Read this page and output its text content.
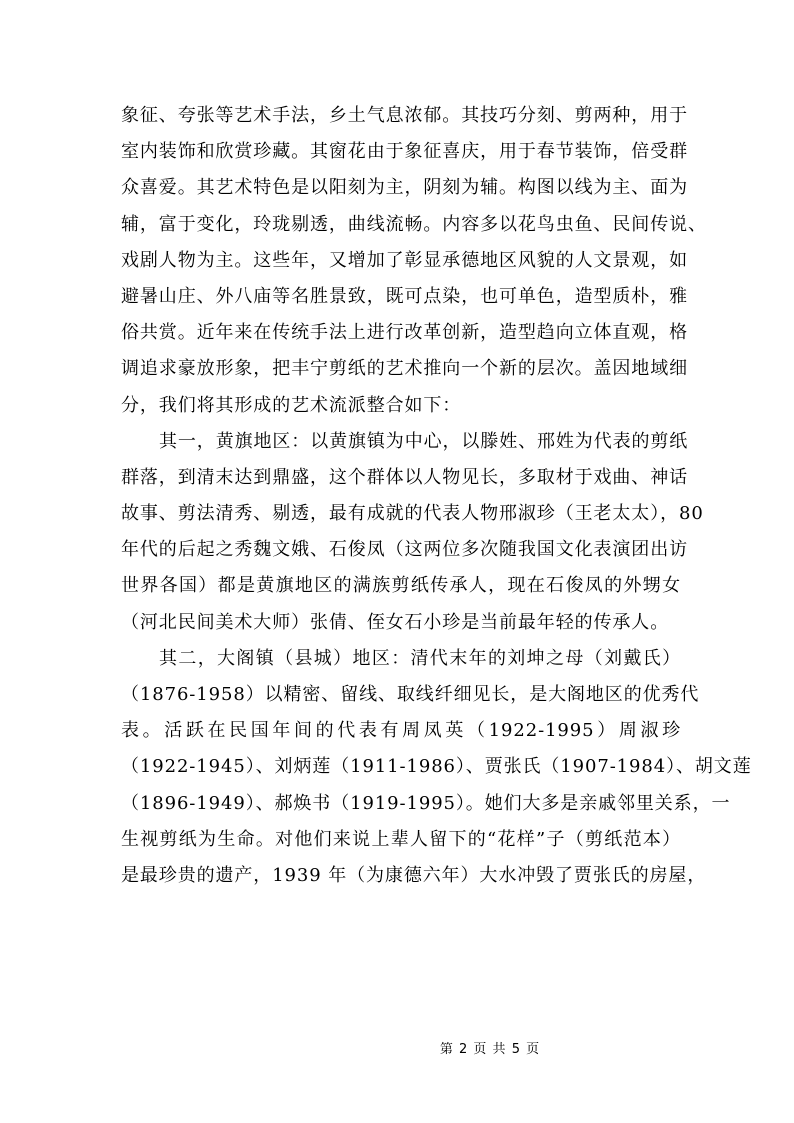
象征、夸张等艺术手法，乡土气息浓郁。其技巧分刻、剪两种，用于
室内装饰和欣赏珍藏。其窗花由于象征喜庆，用于春节装饰，倍受群
众喜爱。其艺术特色是以阳刻为主，阴刻为辅。构图以线为主、面为
辅，富于变化，玲珑剔透，曲线流畅。内容多以花鸟虫鱼、民间传说、
戏剧人物为主。这些年，又增加了彰显承德地区风貌的人文景观，如
避暑山庄、外八庙等名胜景致，既可点染，也可单色，造型质朴，雅
俗共赏。近年来在传统手法上进行改革创新，造型趋向立体直观，格
调追求豪放形象，把丰宁剪纸的艺术推向一个新的层次。盖因地域细
分，我们将其形成的艺术流派整合如下：
其一，黄旗地区：以黄旗镇为中心，以滕姓、邢姓为代表的剪纸
群落，到清末达到鼎盛，这个群体以人物见长，多取材于戏曲、神话
故事、剪法清秀、剔透，最有成就的代表人物邢淑珍（王老太太），80
年代的后起之秀魏文娥、石俊凤（这两位多次随我国文化表演团出访
世界各国）都是黄旗地区的满族剪纸传承人，现在石俊凤的外甥女
（河北民间美术大师）张倩、侄女石小珍是当前最年轻的传承人。
其二，大阁镇（县城）地区：清代末年的刘坤之母（刘戴氏）
（1876-1958）以精密、留线、取线纤细见长，是大阁地区的优秀代
表。活跃在民国年间的代表有周凤英（1922-1995）周淑珍
（1922-1945）、刘炳莲（1911-1986）、贾张氏（1907-1984）、胡文莲
（1896-1949）、郝焕书（1919-1995）。她们大多是亲戚邻里关系，一
生视剪纸为生命。对他们来说上辈人留下的“花样”子（剪纸范本）
是最珍贵的遗产，1939 年（为康德六年）大水冲毁了贾张氏的房屋，
第 2 页 共 5 页
